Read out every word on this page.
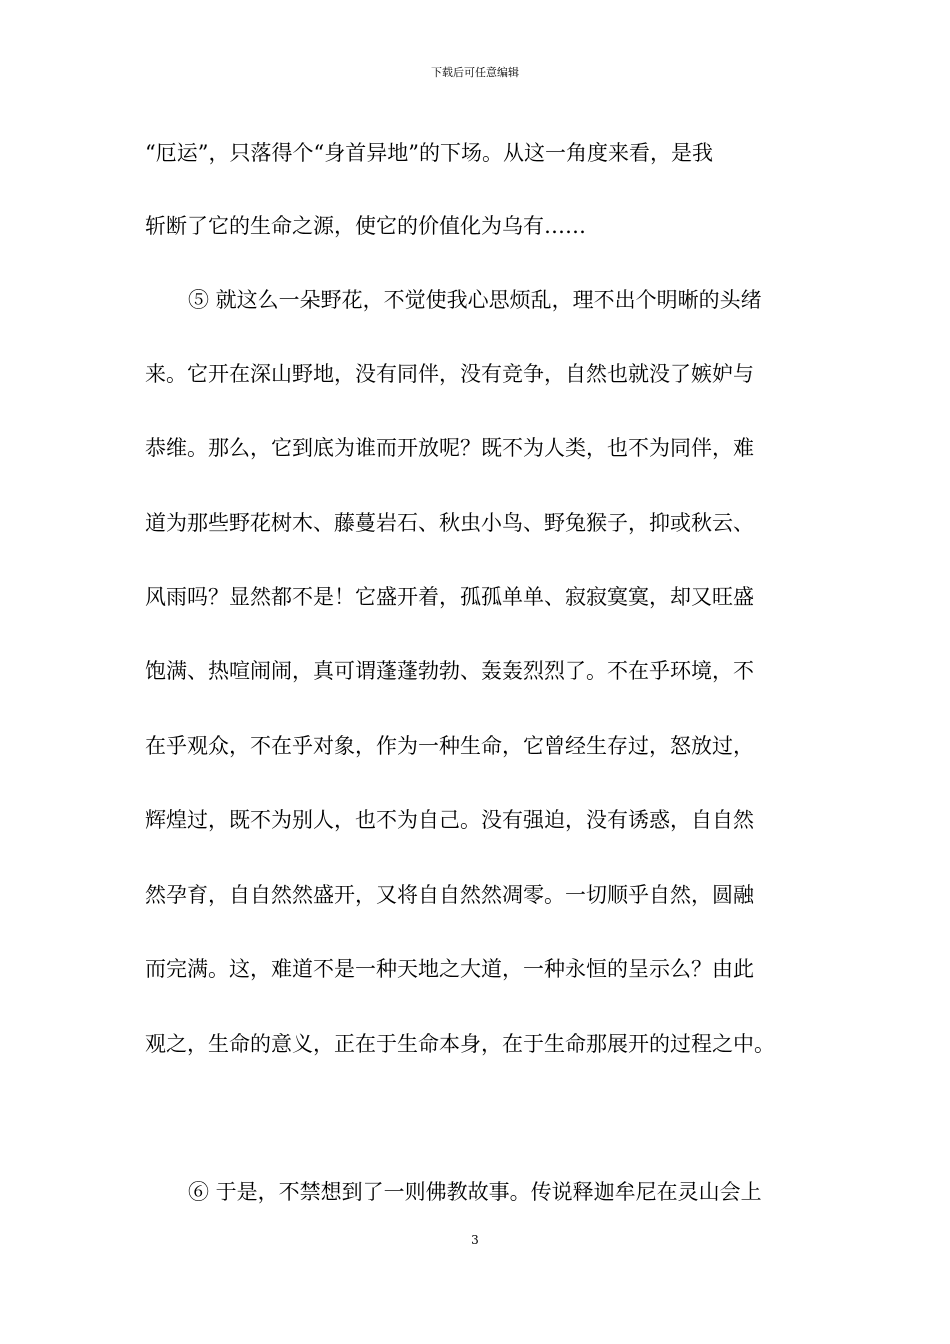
下载后可任意编辑
“厄运”，只落得个“身首异地”的下场。从这一角度来看，是我
斩断了它的生命之源，使它的价值化为乌有……
⑤ 就这么一朵野花，不觉使我心思烦乱，理不出个明晰的头绪
来。它开在深山野地，没有同伴，没有竞争，自然也就没了嫉妒与
恭维。那么，它到底为谁而开放呢？既不为人类，也不为同伴，难
道为那些野花树木、藤蔓岩石、秋虫小鸟、野兔猴子，抑或秋云、
风雨吗？显然都不是！它盛开着，孤孤单单、寂寂寞寞，却又旺盛
饱满、热喧闹闹，真可谓蓬蓬勃勃、轰轰烈烈了。不在乎环境，不
在乎观众，不在乎对象，作为一种生命，它曾经生存过，怒放过，
辉煌过，既不为别人，也不为自己。没有强迫，没有诱惑，自自然
然孕育，自自然然盛开，又将自自然然凋零。一切顺乎自然，圆融
而完满。这，难道不是一种天地之大道，一种永恒的呈示么？由此
观之，生命的意义，正在于生命本身，在于生命那展开的过程之中。
⑥ 于是，不禁想到了一则佛教故事。传说释迦牟尼在灵山会上
3
